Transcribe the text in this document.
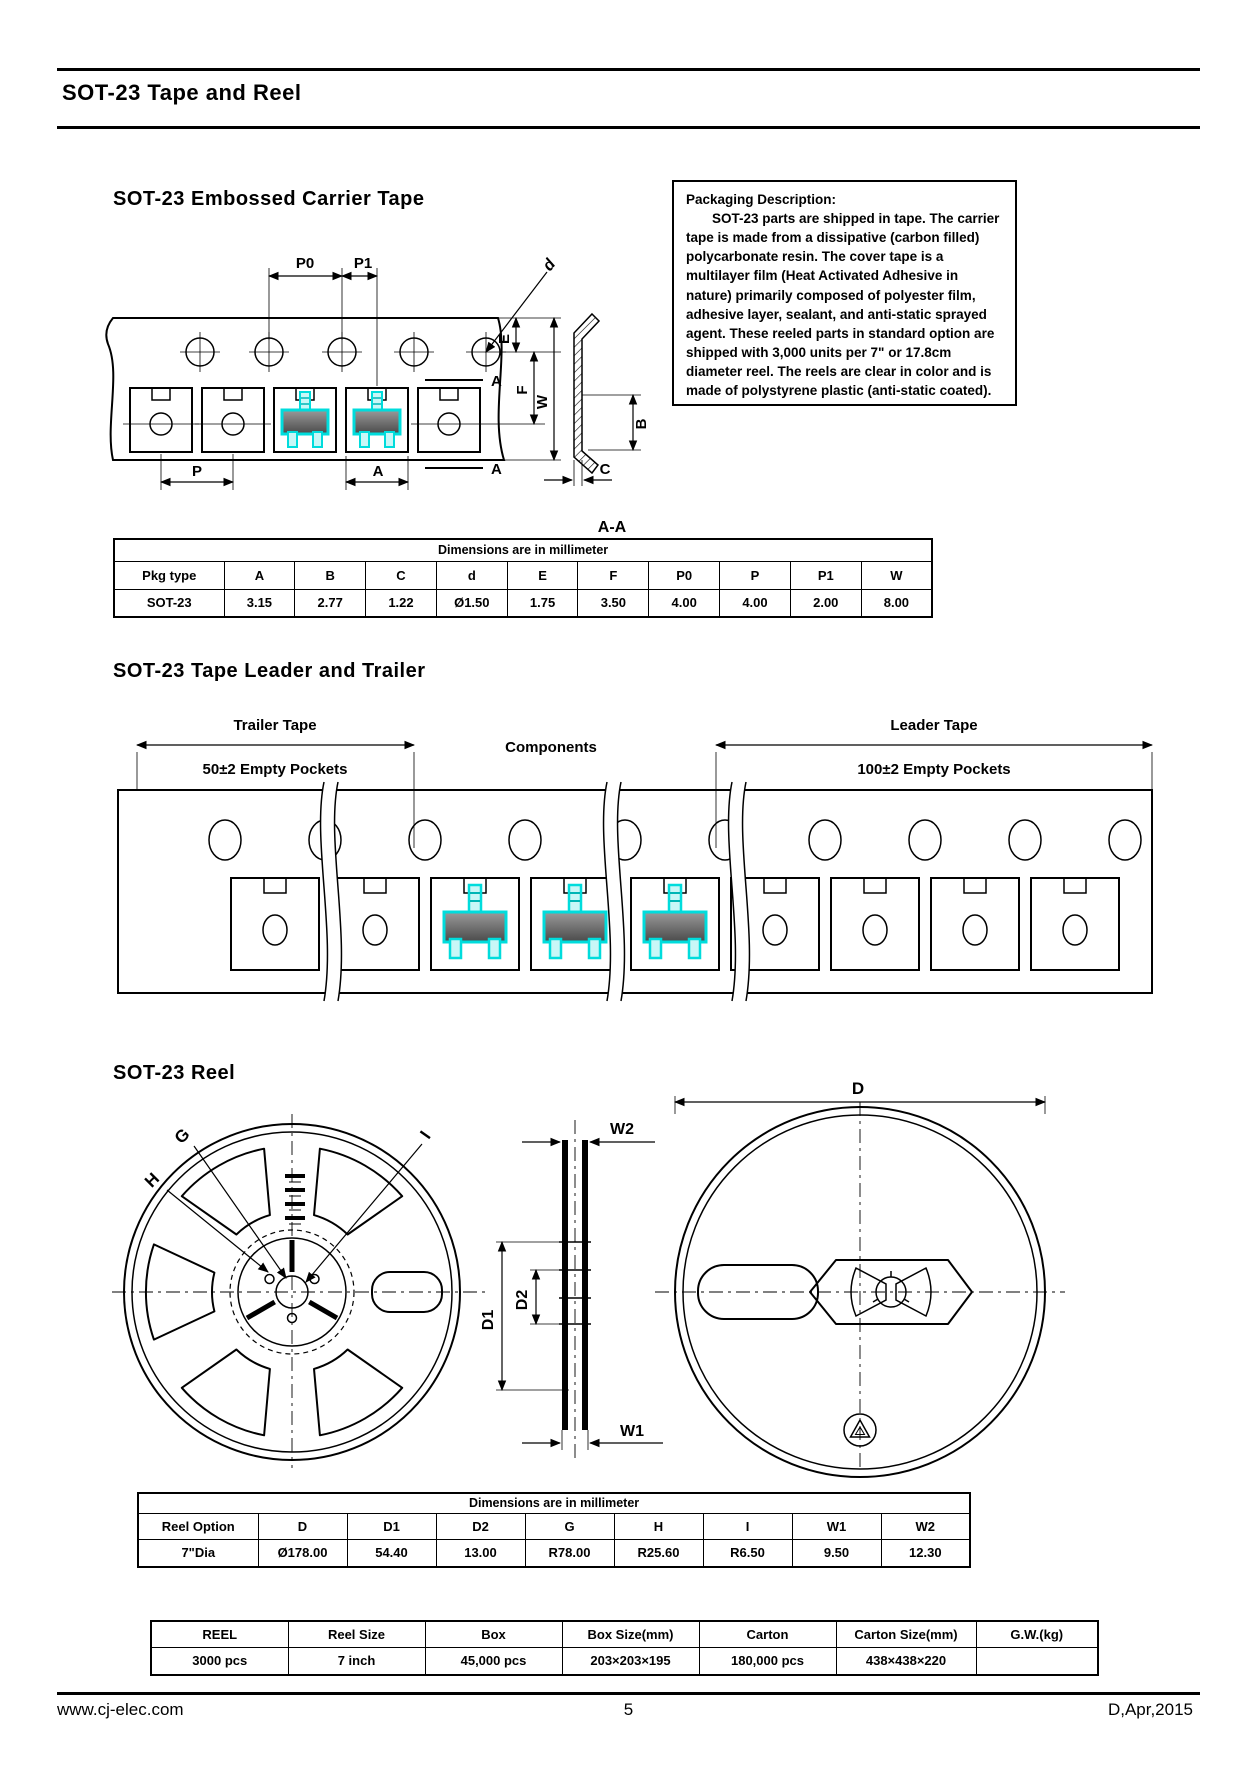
SOT-23 Tape and Reel
SOT-23 Embossed Carrier Tape	Packaging Description:

SOT-23 parts are shipped in tape. The carrier tape is made from a dissipative (carbon filled) polycarbonate resin. The cover tape is a multilayer film (Heat Activated Adhesive in nature) primarily composed of polyester film, adhesive layer, sealant, and anti-static sprayed agent. These reeled parts in standard option are shipped with 3,000 units per 7" or 17.8cm diameter reel. The reels are clear in color and is made of polystyrene plastic (anti-static coated).

P0	P1	d
E
F
W
A
A
P	A
B
C
A-A
Dimensions are in millimeter										
Pkg type	A	B	C	d	E	F	P0	P	P1	W
SOT-23	3.15	2.77	1.22	Ø1.50	1.75	3.50	4.00	4.00	2.00	8.00
SOT-23 Tape Leader and Trailer
Trailer Tape
50±2 Empty Pockets
Components
Leader Tape
100±2 Empty Pockets
SOT-23 Reel
G
H
I	W2
D1
D2
W1
D
Dimensions are in millimeter								
Reel Option	D	D1	D2	G	H	I	W1	W2
7"Dia	Ø178.00	54.40	13.00	R78.00	R25.60	R6.50	9.50	12.30
REEL	Reel Size	Box	Box Size(mm)	Carton	Carton Size(mm)	G.W.(kg)
3000 pcs	7 inch	45,000 pcs	203×203×195	180,000 pcs	438×438×220	
www.cj-elec.com	5	D,Apr,2015
